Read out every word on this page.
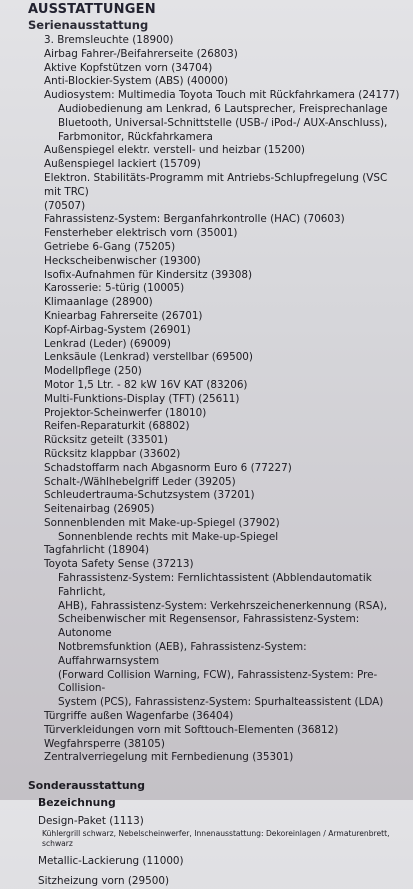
AUSSTATTUNGEN
Serienausstattung
3. Bremsleuchte (18900)
Airbag Fahrer-/Beifahrerseite (26803)
Aktive Kopfstützen vorn (34704)
Anti-Blockier-System (ABS) (40000)
Audiosystem: Multimedia Toyota Touch mit Rückfahrkamera (24177)
Audiobedienung am Lenkrad, 6 Lautsprecher, Freisprechanlage
Bluetooth, Universal-Schnittstelle (USB-/ iPod-/ AUX-Anschluss),
Farbmonitor, Rückfahrkamera
Außenspiegel elektr. verstell- und heizbar (15200)
Außenspiegel lackiert (15709)
Elektron. Stabilitäts-Programm mit Antriebs-Schlupfregelung (VSC mit TRC)
(70507)
Fahrassistenz-System: Berganfahrkontrolle (HAC) (70603)
Fensterheber elektrisch vorn (35001)
Getriebe 6-Gang (75205)
Heckscheibenwischer (19300)
Isofix-Aufnahmen für Kindersitz (39308)
Karosserie: 5-türig (10005)
Klimaanlage (28900)
Kniearbag Fahrerseite (26701)
Kopf-Airbag-System (26901)
Lenkrad (Leder) (69009)
Lenksäule (Lenkrad) verstellbar (69500)
Modellpflege (250)
Motor 1,5 Ltr. - 82 kW 16V KAT (83206)
Multi-Funktions-Display (TFT) (25611)
Projektor-Scheinwerfer (18010)
Reifen-Reparaturkit (68802)
Rücksitz geteilt (33501)
Rücksitz klappbar (33602)
Schadstoffarm nach Abgasnorm Euro 6 (77227)
Schalt-/Wählhebelgriff Leder (39205)
Schleudertrauma-Schutzsystem (37201)
Seitenairbag (26905)
Sonnenblenden mit Make-up-Spiegel (37902)
Sonnenblende rechts mit Make-up-Spiegel
Tagfahrlicht (18904)
Toyota Safety Sense (37213)
Fahrassistenz-System: Fernlichtassistent (Abblendautomatik Fahrlicht,
AHB), Fahrassistenz-System: Verkehrszeichenerkennung (RSA),
Scheibenwischer mit Regensensor, Fahrassistenz-System: Autonome
Notbremsfunktion (AEB), Fahrassistenz-System: Auffahrwarnsystem
(Forward Collision Warning, FCW), Fahrassistenz-System: Pre-Collision-
System (PCS), Fahrassistenz-System: Spurhalteassistent (LDA)
Türgriffe außen Wagenfarbe (36404)
Türverkleidungen vorn mit Softtouch-Elementen (36812)
Wegfahrsperre (38105)
Zentralverriegelung mit Fernbedienung (35301)
Sonderausstattung
Bezeichnung
Design-Paket (1113)
Kühlergrill schwarz, Nebelscheinwerfer, Innenausstattung: Dekoreinlagen / Armaturenbrett, schwarz
Metallic-Lackierung (11000)
Sitzheizung vorn (29500)
